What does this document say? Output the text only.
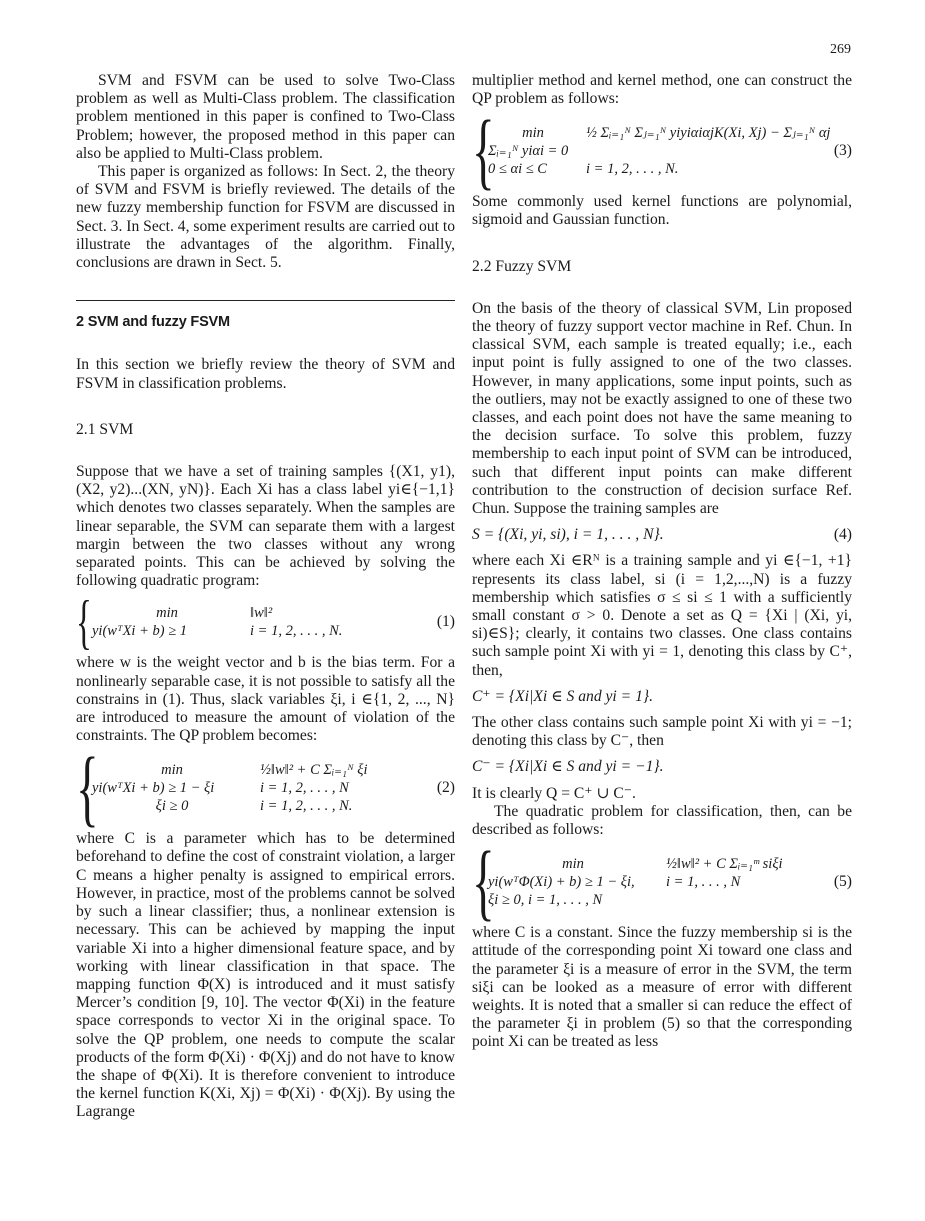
269

SVM and FSVM can be used to solve Two-Class problem as well as Multi-Class problem. The classification problem mentioned in this paper is confined to Two-Class Problem; however, the proposed method in this paper can also be applied to Multi-Class problem.

This paper is organized as follows: In Sect. 2, the theory of SVM and FSVM is briefly reviewed. The details of the new fuzzy membership function for FSVM are discussed in Sect. 3. In Sect. 4, some experiment results are carried out to illustrate the advantages of the algorithm. Finally, conclusions are drawn in Sect. 5.

2 SVM and fuzzy FSVM

In this section we briefly review the theory of SVM and FSVM in classification problems.

2.1 SVM

Suppose that we have a set of training samples {(X1, y1), (X2, y2)...(XN, yN)}. Each Xi has a class label yi∈{−1,1} which denotes two classes separately. When the samples are linear separable, the SVM can separate them with a largest margin between the two classes without any wrong separated points. This can be achieved by solving the following quadratic program:

{	min	‖w‖²
yi(wᵀXi + b) ≥ 1	i = 1, 2, . . . , N.
(1)

where w is the weight vector and b is the bias term. For a nonlinearly separable case, it is not possible to satisfy all the constrains in (1). Thus, slack variables ξi, i ∈{1, 2, ..., N} are introduced to measure the amount of violation of the constraints. The QP problem becomes:

{	min	½‖w‖² + C Σᵢ₌₁ᴺ ξi
yi(wᵀXi + b) ≥ 1 − ξi	i = 1, 2, . . . , N
ξi ≥ 0	i = 1, 2, . . . , N.
(2)

where C is a parameter which has to be determined beforehand to define the cost of constraint violation, a larger C means a higher penalty is assigned to empirical errors. However, in practice, most of the problems cannot be solved by such a linear classifier; thus, a nonlinear extension is necessary. This can be achieved by mapping the input variable Xi into a higher dimensional feature space, and by working with linear classification in that space. The mapping function Φ(X) is introduced and it must satisfy Mercer’s condition [9, 10]. The vector Φ(Xi) in the feature space corresponds to vector Xi in the original space. To solve the QP problem, one needs to compute the scalar products of the form Φ(Xi) · Φ(Xj) and do not have to know the shape of Φ(Xi). It is therefore convenient to introduce the kernel function K(Xi, Xj) = Φ(Xi) · Φ(Xj). By using the Lagrange

multiplier method and kernel method, one can construct the QP problem as follows:

{ min	½ Σᵢ₌₁ᴺ Σⱼ₌₁ᴺ yiyiαiαjK(Xi, Xj) − Σⱼ₌₁ᴺ αj
Σᵢ₌₁ᴺ yiαi = 0	
0 ≤ αi ≤ C	i = 1, 2, . . . , N.
(3)

Some commonly used kernel functions are polynomial, sigmoid and Gaussian function.

2.2 Fuzzy SVM

On the basis of the theory of classical SVM, Lin proposed the theory of fuzzy support vector machine in Ref. Chun. In classical SVM, each sample is treated equally; i.e., each input point is fully assigned to one of the two classes. However, in many applications, some input points, such as the outliers, may not be exactly assigned to one of these two classes, and each point does not have the same meaning to the decision surface. To solve this problem, fuzzy membership to each input point of SVM can be introduced, such that different input points can make different contribution to the construction of decision surface Ref. Chun. Suppose the training samples are

S = {(Xi, yi, si), i = 1, . . . , N}.	(4)

where each Xi ∈Rᴺ is a training sample and yi ∈{−1, +1} represents its class label, si (i = 1,2,...,N) is a fuzzy membership which satisfies σ ≤ si ≤ 1 with a sufficiently small constant σ > 0. Denote a set as Q = {Xi | (Xi, yi, si)∈S}; clearly, it contains two classes. One class contains such sample point Xi with yi = 1, denoting this class by C⁺, then,

C⁺ = {Xi|Xi ∈ S and yi = 1}.

The other class contains such sample point Xi with yi = −1; denoting this class by C⁻, then

C⁻ = {Xi|Xi ∈ S and yi = −1}.

It is clearly Q = C⁺ ∪ C⁻.

The quadratic problem for classification, then, can be described as follows:

{	min	½‖w‖² + C Σᵢ₌₁ᵐ siξi
yi(wᵀΦ(Xi) + b) ≥ 1 − ξi,	i = 1, . . . , N
ξi ≥ 0, i = 1, . . . , N	
(5)

where C is a constant. Since the fuzzy membership si is the attitude of the corresponding point Xi toward one class and the parameter ξi is a measure of error in the SVM, the term siξi can be looked as a measure of error with different weights. It is noted that a smaller si can reduce the effect of the parameter ξi in problem (5) so that the corresponding point Xi can be treated as less
